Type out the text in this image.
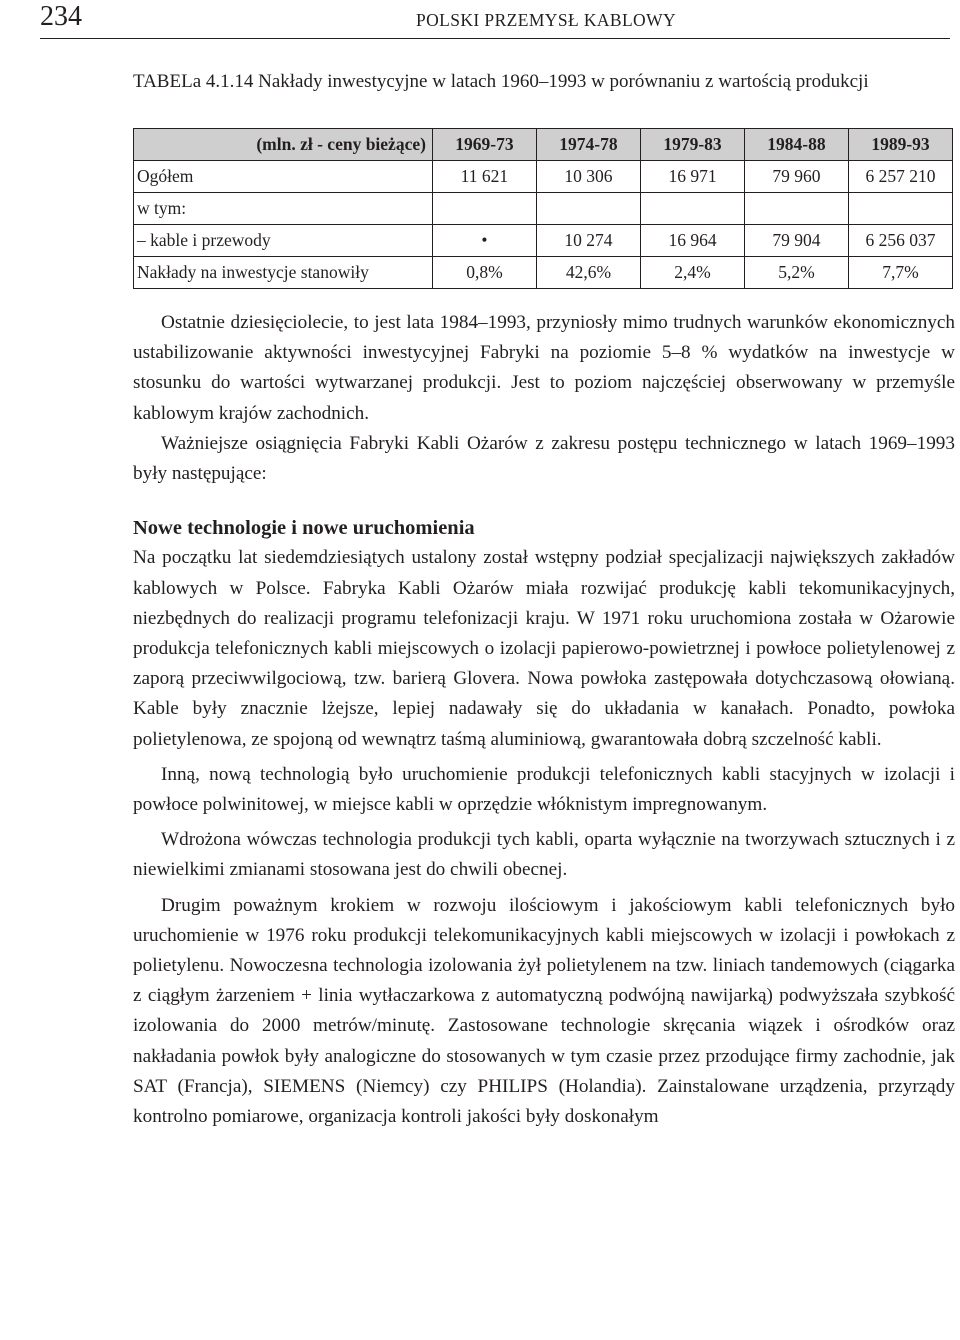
234	POLSKI PRZEMYSŁ KABLOWY
TABELa 4.1.14 Nakłady inwestycyjne w latach 1960–1993 w porównaniu z wartością produkcji
(mln. zł - ceny bieżące)	1969-73	1974-78	1979-83	1984-88	1989-93
Ogółem	11 621	10 306	16 971	79 960	6 257 210
w tym:					
– kable i przewody	•	10 274	16 964	79 904	6 256 037
Nakłady na inwestycje stanowiły	0,8%	42,6%	2,4%	5,2%	7,7%

Ostatnie dziesięciolecie, to jest lata 1984–1993, przyniosły mimo trudnych warunków ekonomicznych ustabilizowanie aktywności inwestycyjnej Fabryki na poziomie 5–8 % wydatków na inwestycje w stosunku do wartości wytwarzanej produkcji. Jest to poziom najczęściej obserwowany w przemyśle kablowym krajów zachodnich.

Ważniejsze osiągnięcia Fabryki Kabli Ożarów z zakresu postępu technicznego w latach 1969–1993 były następujące:

Nowe technologie i nowe uruchomienia

Na początku lat siedemdziesiątych ustalony został wstępny podział specjalizacji największych zakładów kablowych w Polsce. Fabryka Kabli Ożarów miała rozwijać produkcję kabli tekomunikacyjnych, niezbędnych do realizacji programu telefonizacji kraju. W 1971 roku uruchomiona została w Ożarowie produkcja telefonicznych kabli miejscowych o izolacji papierowo-powietrznej i powłoce polietylenowej z zaporą przeciwwilgociową, tzw. barierą Glovera. Nowa powłoka zastępowała dotychczasową ołowianą. Kable były znacznie lżejsze, lepiej nadawały się do układania w kanałach. Ponadto, powłoka polietylenowa, ze spojoną od wewnątrz taśmą aluminiową, gwarantowała dobrą szczelność kabli.

Inną, nową technologią było uruchomienie produkcji telefonicznych kabli stacyjnych w izolacji i powłoce polwinitowej, w miejsce kabli w oprzędzie włóknistym impregnowanym.

Wdrożona wówczas technologia produkcji tych kabli, oparta wyłącznie na tworzywach sztucznych i z niewielkimi zmianami stosowana jest do chwili obecnej.

Drugim poważnym krokiem w rozwoju ilościowym i jakościowym kabli telefonicznych było uruchomienie w 1976 roku produkcji telekomunikacyjnych kabli miejscowych w izolacji i powłokach z polietylenu. Nowoczesna technologia izolowania żył polietylenem na tzw. liniach tandemowych (ciągarka z ciągłym żarzeniem + linia wytłaczarkowa z automatyczną podwójną nawijarką) podwyższała szybkość izolowania do 2000 metrów/minutę. Zastosowane technologie skręcania wiązek i ośrodków oraz nakładania powłok były analogiczne do stosowanych w tym czasie przez przodujące firmy zachodnie, jak SAT (Francja), SIEMENS (Niemcy) czy PHILIPS (Holandia). Zainstalowane urządzenia, przyrządy kontrolno pomiarowe, organizacja kontroli jakości były doskonałym
